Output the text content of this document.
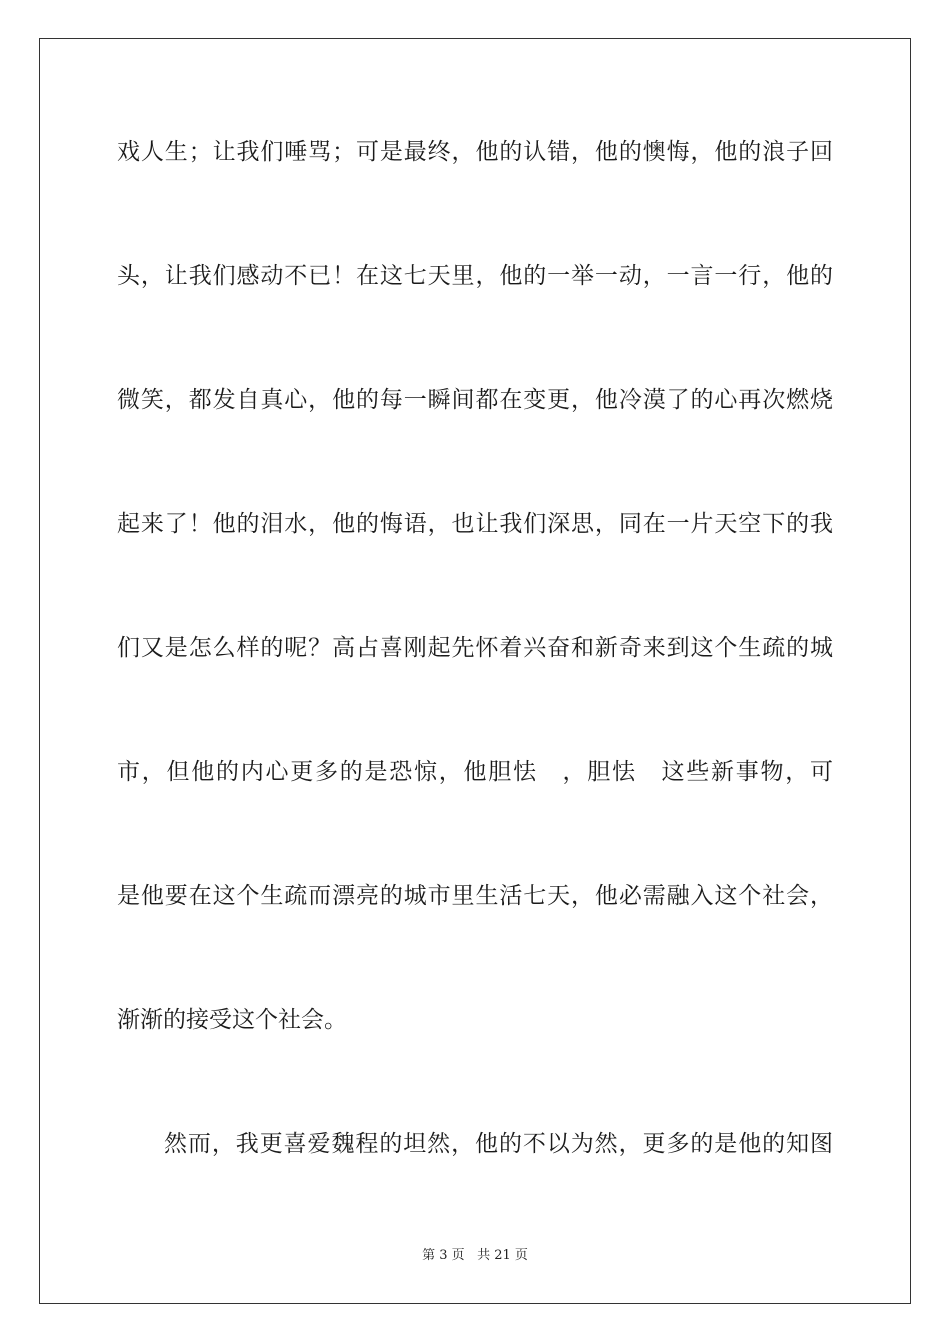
戏人生；让我们唾骂；可是最终，他的认错，他的懊悔，他的浪子回
头，让我们感动不已！在这七天里，他的一举一动，一言一行，他的
微笑，都发自真心，他的每一瞬间都在变更，他冷漠了的心再次燃烧
起来了！他的泪水，他的悔语，也让我们深思，同在一片天空下的我
们又是怎么样的呢？高占喜刚起先怀着兴奋和新奇来到这个生疏的城
市，但他的内心更多的是恐惊，他胆怯　，胆怯　这些新事物，可
是他要在这个生疏而漂亮的城市里生活七天，他必需融入这个社会，
渐渐的接受这个社会。
然而，我更喜爱魏程的坦然，他的不以为然，更多的是他的知图
第 3 页 共 21 页
